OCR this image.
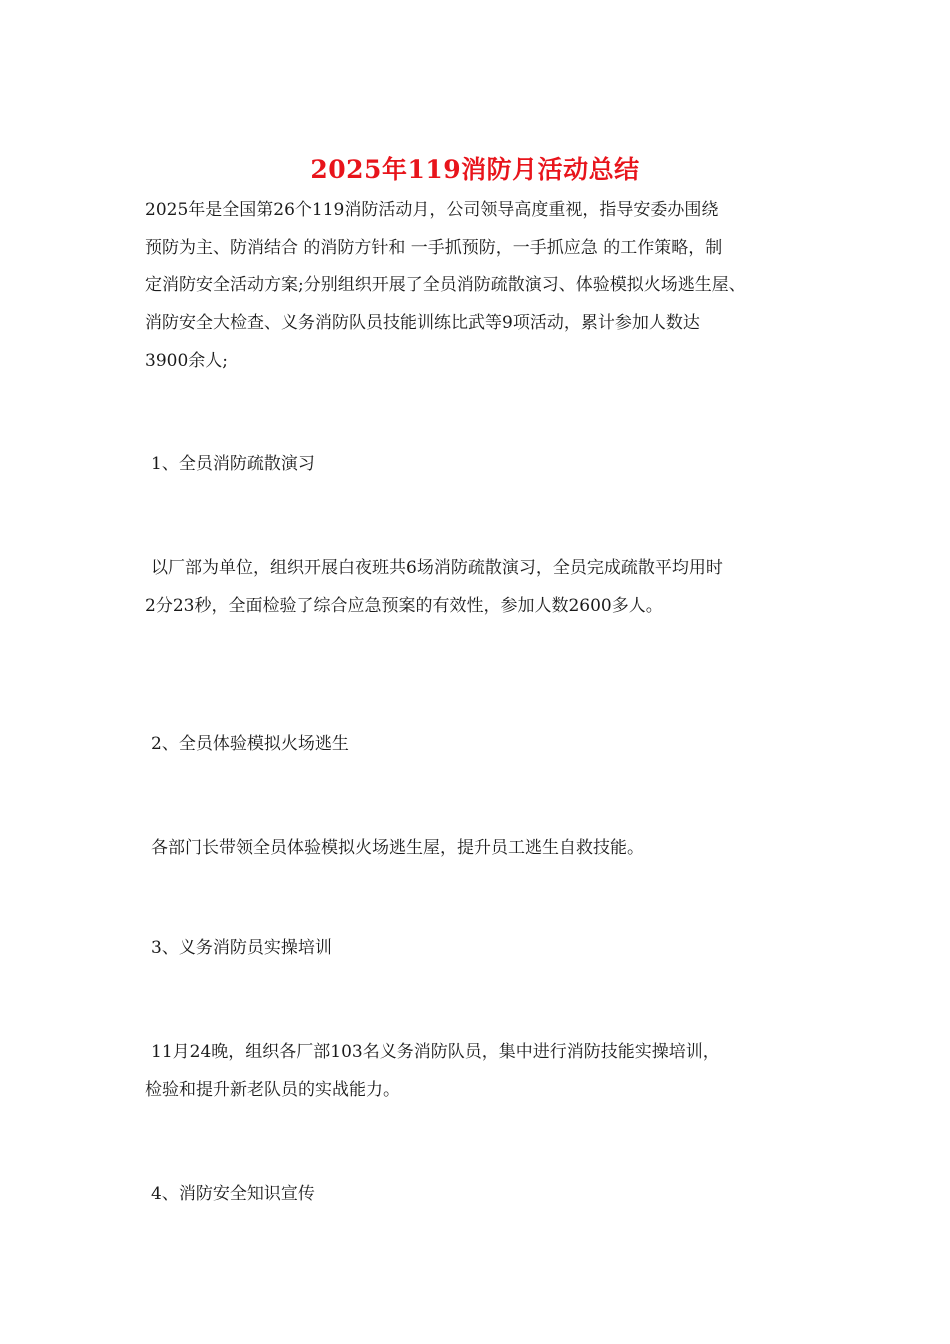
2025年119消防月活动总结
2025年是全国第26个119消防活动月，公司领导高度重视，指导安委办围绕
预防为主、防消结合 的消防方针和 一手抓预防，一手抓应急 的工作策略，制
定消防安全活动方案;分别组织开展了全员消防疏散演习、体验模拟火场逃生屋、
消防安全大检查、义务消防队员技能训练比武等9项活动，累计参加人数达
3900余人;
1、全员消防疏散演习
以厂部为单位，组织开展白夜班共6场消防疏散演习，全员完成疏散平均用时
2分23秒，全面检验了综合应急预案的有效性，参加人数2600多人。
2、全员体验模拟火场逃生
各部门长带领全员体验模拟火场逃生屋，提升员工逃生自救技能。
3、义务消防员实操培训
11月24晚，组织各厂部103名义务消防队员，集中进行消防技能实操培训，
检验和提升新老队员的实战能力。
4、消防安全知识宣传
